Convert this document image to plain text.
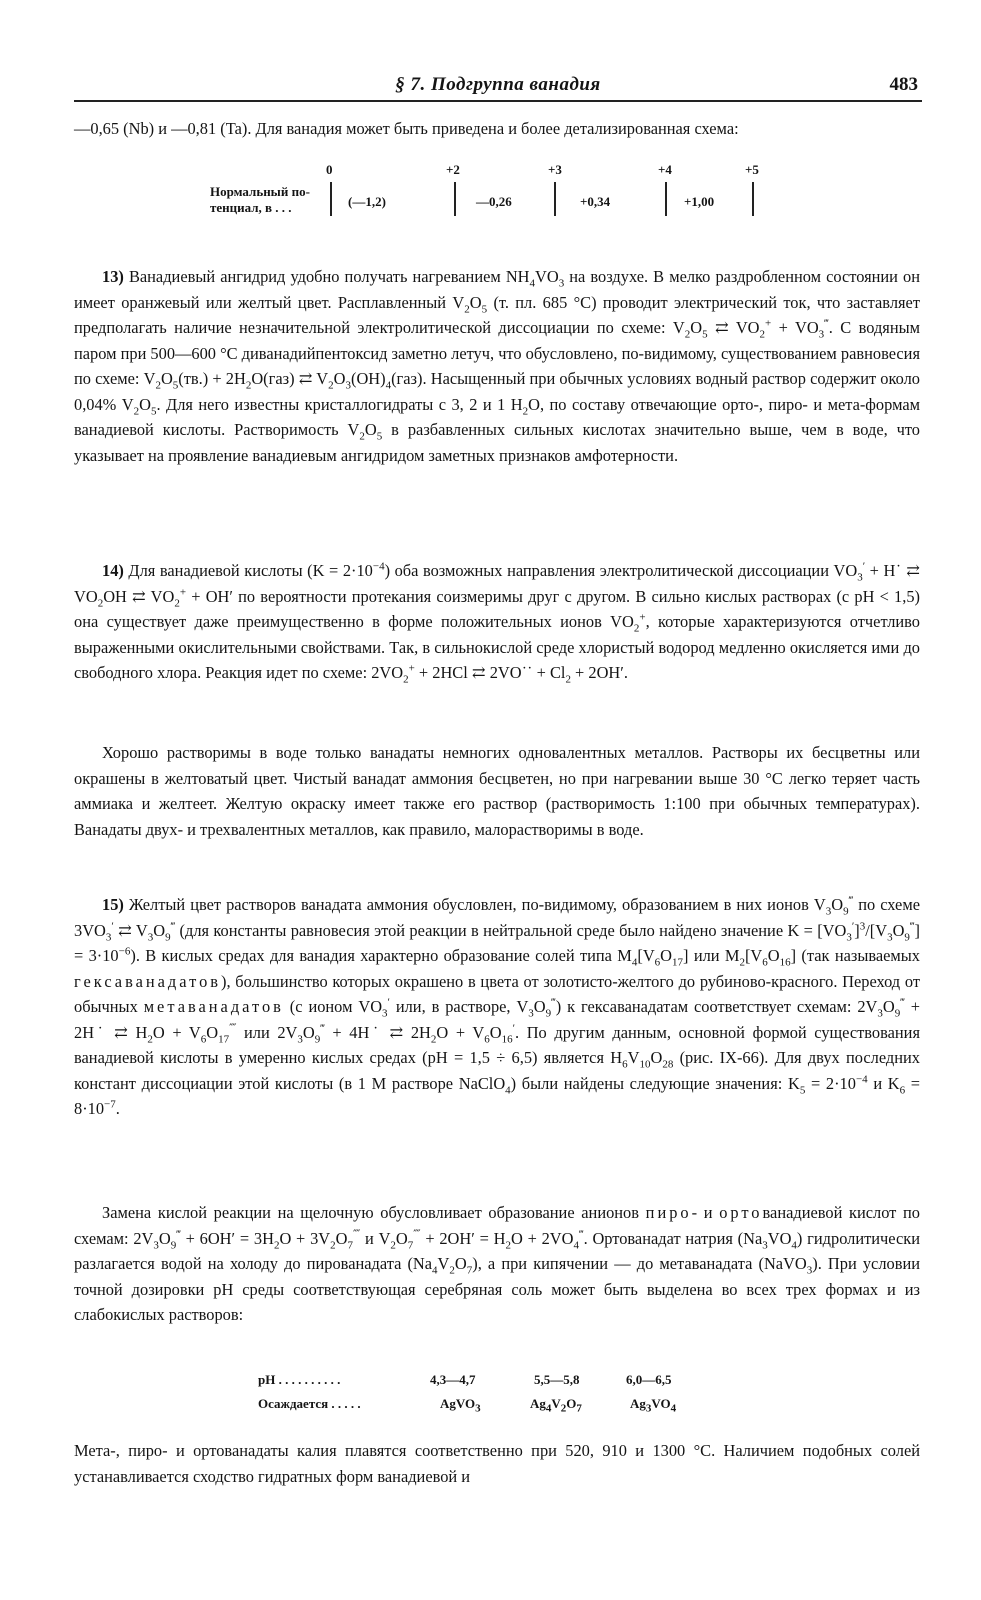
§ 7. Подгруппа ванадия	483

—0,65 (Nb) и —0,81 (Ta). Для ванадия может быть приведена и более детализированная схема:

0	+2	+3	+4	+5
Нормальный по-
тенциал, в . . .	(—1,2)	—0,26	+0,34	+1,00

13) Ванадиевый ангидрид удобно получать нагреванием $NH_4VO_3$ на воздухе. В мелко раздробленном состоянии он имеет оранжевый или желтый цвет. Расплавленный $V_2O_5$ (т. пл. 685 °C) проводит электрический ток, что заставляет предполагать наличие незначительной электролитической диссоциации по схеме: $V_2O_5$ ⇄ $VO_2^+ + VO_3^‴$. С водяным паром при 500—600 °C диванадийпентоксид заметно летуч, что обусловлено, по-видимому, существованием равновесия по схеме: $V_2O_5(тв.) + 2H_2O(газ)$ ⇄ $V_2O_3(OH)_4(газ)$. Насыщенный при обычных условиях водный раствор содержит около 0,04% $V_2O_5$. Для него известны кристаллогидраты с 3, 2 и 1 $H_2O$, по составу отвечающие орто-, пиро- и мета-формам ванадиевой кислоты. Растворимость $V_2O_5$ в разбавленных сильных кислотах значительно выше, чем в воде, что указывает на проявление ванадиевым ангидридом заметных признаков амфотерности.

14) Для ванадиевой кислоты $(K = 2\cdot 10^{-4})$ оба возможных направления электролитической диссоциации $VO_3'$ + H˙ ⇄ $VO_2OH$ ⇄ $VO_2^+ + OH'$ по вероятности протекания соизмеримы друг с другом. В сильно кислых растворах (с pH < 1,5) она существует даже преимущественно в форме положительных ионов $VO_2^+$, которые характеризуются отчетливо выраженными окислительными свойствами. Так, в сильнокислой среде хлористый водород медленно окисляется ими до свободного хлора. Реакция идет по схеме: $2VO_2^+ + 2HCl$ ⇄ 2VO˙˙ + $Cl_2 + 2OH'$.

Хорошо растворимы в воде только ванадаты немногих одновалентных металлов. Растворы их бесцветны или окрашены в желтоватый цвет. Чистый ванадат аммония бесцветен, но при нагревании выше 30 °C легко теряет часть аммиака и желтеет. Желтую окраску имеет также его раствор (растворимость 1:100 при обычных температурах). Ванадаты двух- и трехвалентных металлов, как правило, малорастворимы в воде.

15) Желтый цвет растворов ванадата аммония обусловлен, по-видимому, образованием в них ионов $V_3O_9^‴$ по схеме $3VO_3'$ ⇄ $V_3O_9^‴$ (для константы равновесия этой реакции в нейтральной среде было найдено значение $K = [VO_3']^3/[V_3O_9^‴] = 3\cdot 10^{-6}$). В кислых средах для ванадия характерно образование солей типа $M_4[V_6O_{17}]$ или $M_2[V_6O_{16}]$ (так называемых гексаванадатов), большинство которых окрашено в цвета от золотисто-желтого до рубиново-красного. Переход от обычных метаванадатов (с ионом $VO_3'$ или, в растворе, $V_3O_9^‴$) к гексаванадатам соответствует схемам: $2V_3O_9^‴$ + 2H˙ ⇄ $H_2O + V_6O_{17}^⁗$ или $2V_3O_9^‴$ + 4H˙ ⇄ $2H_2O + V_6O_{16}'$. По другим данным, основной формой существования ванадиевой кислоты в умеренно кислых средах (pH = 1,5 ÷ 6,5) является $H_6V_{10}O_{28}$ (рис. IX-66). Для двух последних констант диссоциации этой кислоты (в 1 M растворе NaClO$_4$) были найдены следующие значения: $K_5 = 2\cdot 10^{-4}$ и $K_6 = 8\cdot 10^{-7}$.

Замена кислой реакции на щелочную обусловливает образование анионов пиро- и ортованадиевой кислот по схемам: $2V_3O_9^‴ + 6OH' = 3H_2O + 3V_2O_7^⁗$ и $V_2O_7^⁗ + 2OH' = H_2O + 2VO_4^‴$. Ортованадат натрия $(Na_3VO_4)$ гидролитически разлагается водой на холоду до пированадата $(Na_4V_2O_7)$, а при кипячении — до метаванадата (NaVO$_3$). При условии точной дозировки pH среды соответствующая серебряная соль может быть выделена во всех трех формах и из слабокислых растворов:

pH . . . . . . . . . .	4,3—4,7	5,5—5,8	6,0—6,5
Осаждается . . . . .	AgVO$_3$	$Ag_4V_2O_7$	$Ag_3VO_4$

Мета-, пиро- и ортованадаты калия плавятся соответственно при 520, 910 и 1300 °C. Наличием подобных солей устанавливается сходство гидратных форм ванадиевой и
